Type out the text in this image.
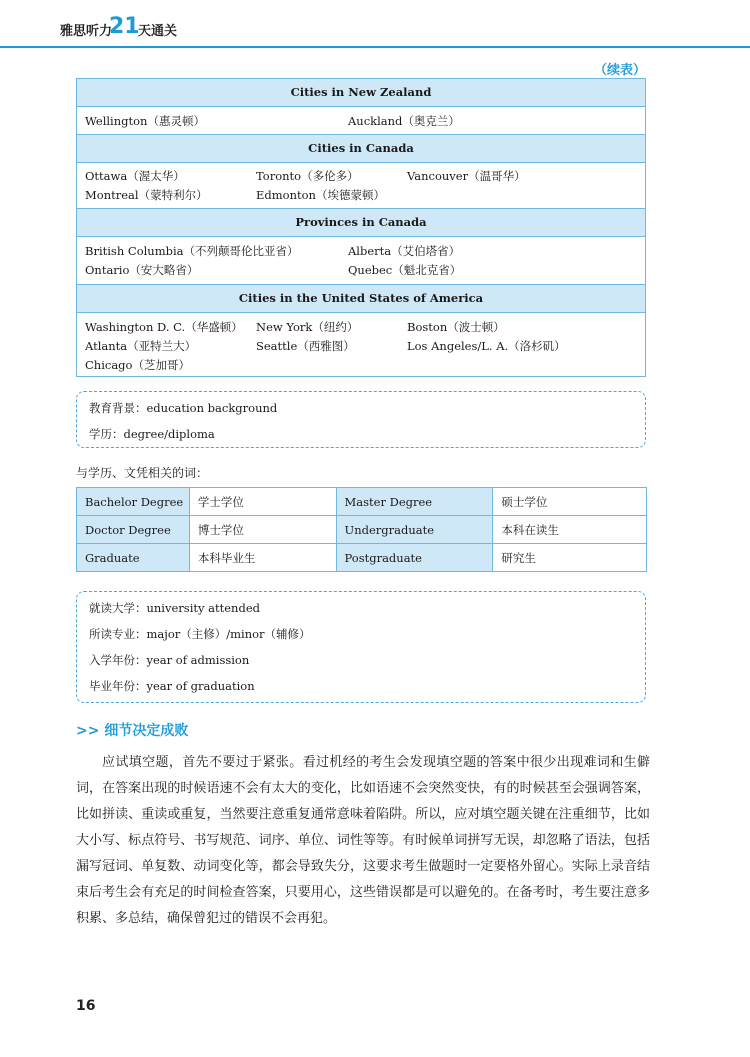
雅思听力
21
天通关
（续表）
Cities in New Zealand
Wellington（惠灵顿）	Auckland（奥克兰）
Cities in Canada
Ottawa（渥太华）	Toronto（多伦多）	Vancouver（温哥华）
Montreal（蒙特利尔）	Edmonton（埃德蒙顿）
Provinces in Canada
British Columbia（不列颠哥伦比亚省）	Alberta（艾伯塔省）
Ontario（安大略省）	Quebec（魁北克省）
Cities in the United States of America
Washington D. C.（华盛顿） New York（纽约）	Boston（波士顿）
Atlanta（亚特兰大）	Seattle（西雅图）	Los Angeles/L. A.（洛杉矶）
Chicago（芝加哥）
教育背景：education background
学历：degree/diploma
与学历、文凭相关的词：
Bachelor Degree	学士学位	Master Degree	硕士学位
Doctor Degree	博士学位	Undergraduate	本科在读生
Graduate	本科毕业生	Postgraduate	研究生
就读大学：university attended
所读专业：major（主修）/minor（辅修）
入学年份：year of admission
毕业年份：year of graduation
>> 细节决定成败
应试填空题，首先不要过于紧张。看过机经的考生会发现填空题的答案中很少出现难词和生僻词，在答案出现的时候语速不会有太大的变化，比如语速不会突然变快，有的时候甚至会强调答案，比如拼读、重读或重复，当然要注意重复通常意味着陷阱。所以，应对填空题关键在注重细节，比如大小写、标点符号、书写规范、词序、单位、词性等等。有时候单词拼写无误，却忽略了语法，包括漏写冠词、单复数、动词变化等，都会导致失分，这要求考生做题时一定要格外留心。实际上录音结束后考生会有充足的时间检查答案，只要用心，这些错误都是可以避免的。在备考时，考生要注意多积累、多总结，确保曾犯过的错误不会再犯。
16
